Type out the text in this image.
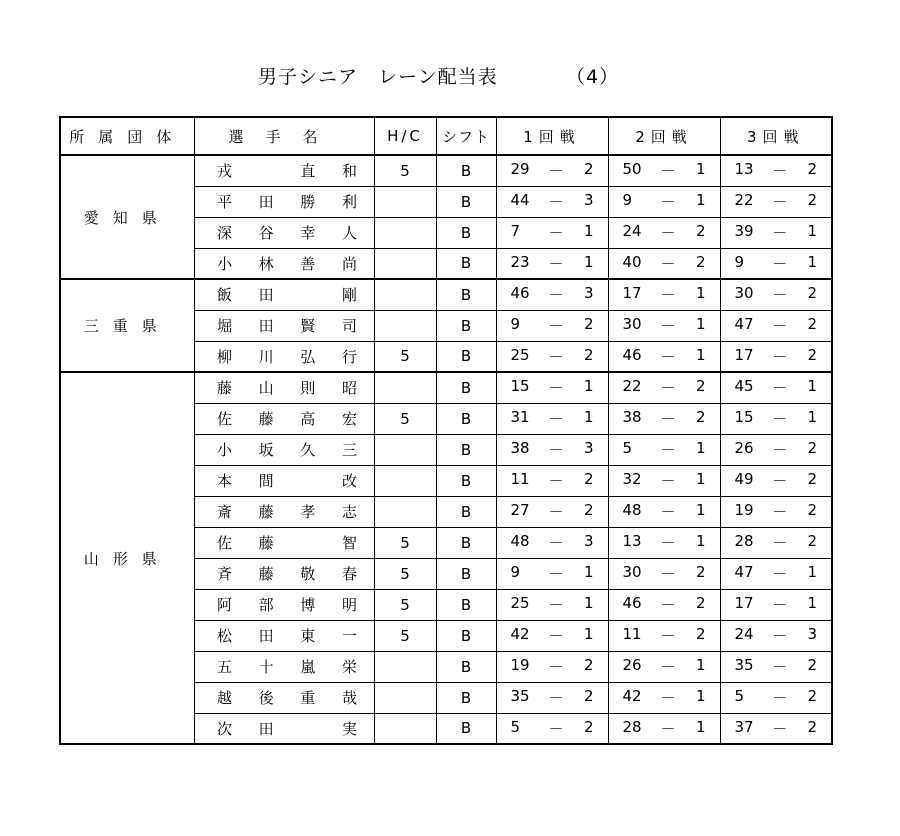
男子シニア　レーン配当表	（4）
所属団体	選手名	H/C	シフト	1回戦	2回戦	3回戦
愛知県	戎 直 和	5	B	29 － 2	50 － 1	13 － 2

	平 田 勝 利		B	44 － 3	9 － 1	22 － 2

	深 谷 幸 人		B	7 － 1	24 － 2	39 － 1

	小 林 善 尚		B	23 － 1	40 － 2	9 － 1

三重県	飯 田 剛		B	46 － 3	17 － 1	30 － 2

	堀 田 賢 司		B	9 － 2	30 － 1	47 － 2

	柳 川 弘 行	5	B	25 － 2	46 － 1	17 － 2

山形県	藤 山 則 昭		B	15 － 1	22 － 2	45 － 1

	佐 藤 高 宏	5	B	31 － 1	38 － 2	15 － 1

	小 坂 久 三		B	38 － 3	5 － 1	26 － 2

	本 間 改		B	11 － 2	32 － 1	49 － 2

	斎 藤 孝 志		B	27 － 2	48 － 1	19 － 2

	佐 藤 智	5	B	48 － 3	13 － 1	28 － 2

	斉 藤 敬 春	5	B	9 － 1	30 － 2	47 － 1

	阿 部 博 明	5	B	25 － 1	46 － 2	17 － 1

	松 田 東 一	5	B	42 － 1	11 － 2	24 － 3

	五 十 嵐 栄		B	19 － 2	26 － 1	35 － 2

	越 後 重 哉		B	35 － 2	42 － 1	5 － 2

	次 田 実		B	5 － 2	28 － 1	37 － 2
